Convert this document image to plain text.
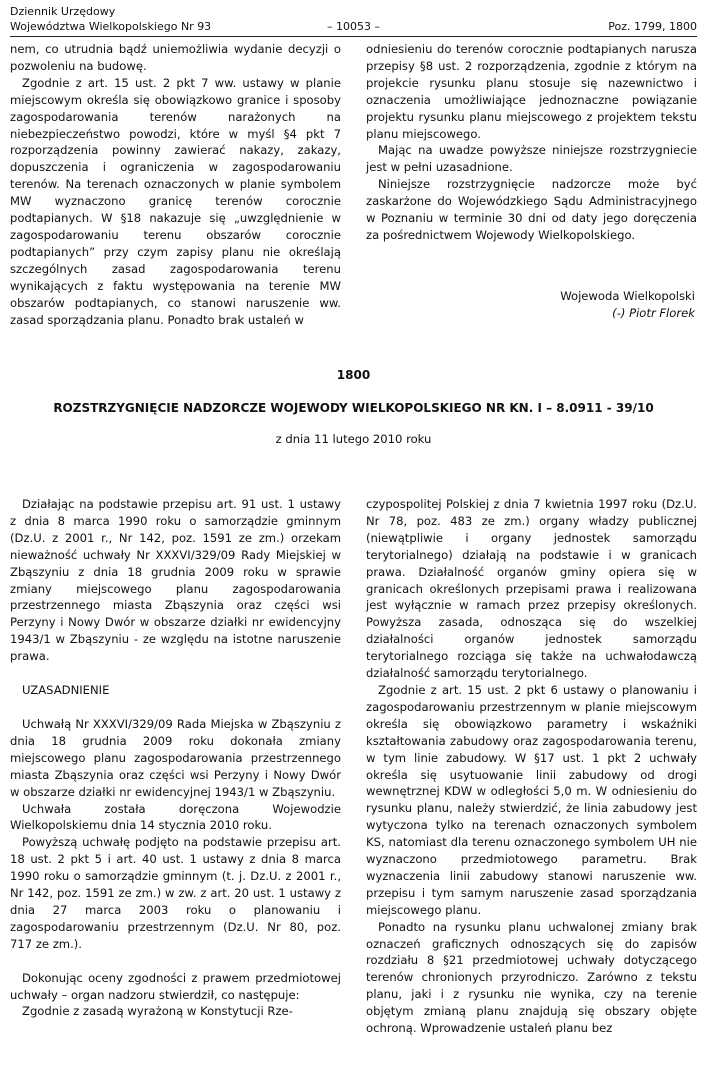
Dziennik Urzędowy
Województwa Wielkopolskiego Nr 93	– 10053 –	Poz. 1799, 1800

nem, co utrudnia bądź uniemożliwia wydanie decyzji o pozwoleniu na budowę.

Zgodnie z art. 15 ust. 2 pkt 7 ww. ustawy w planie miejscowym określa się obowiązkowo granice i sposoby zagospodarowania terenów narażonych na niebezpieczeństwo powodzi, które w myśl §4 pkt 7 rozporządzenia powinny zawierać nakazy, zakazy, dopuszczenia i ograniczenia w zagospodarowaniu terenów. Na terenach oznaczonych w planie symbolem MW wyznaczono granicę terenów corocznie podtapianych. W §18 nakazuje się „uwzględnienie w zagospodarowaniu terenu obszarów corocznie podtapianych” przy czym zapisy planu nie określają szczególnych zasad zagospodarowania terenu wynikających z faktu występowania na terenie MW obszarów podtapianych, co stanowi naruszenie ww. zasad sporządzania planu. Ponadto brak ustaleń w

odniesieniu do terenów corocznie podtapianych narusza przepisy §8 ust. 2 rozporządzenia, zgodnie z którym na projekcie rysunku planu stosuje się nazewnictwo i oznaczenia umożliwiające jednoznaczne powiązanie projektu rysunku planu miejscowego z projektem tekstu planu miejscowego.

Mając na uwadze powyższe niniejsze rozstrzygniecie jest w pełni uzasadnione.

Niniejsze rozstrzygnięcie nadzorcze może być zaskarżone do Wojewódzkiego Sądu Administracyjnego w Poznaniu w terminie 30 dni od daty jego doręczenia za pośrednictwem Wojewody Wielkopolskiego.

Wojewoda Wielkopolski
(-) Piotr Florek
1800
ROZSTRZYGNIĘCIE NADZORCZE WOJEWODY WIELKOPOLSKIEGO NR KN. I – 8.0911 - 39/10
z dnia 11 lutego 2010 roku

Działając na podstawie przepisu art. 91 ust. 1 ustawy z dnia 8 marca 1990 roku o samorządzie gminnym (Dz.U. z 2001 r., Nr 142, poz. 1591 ze zm.) orzekam nieważność uchwały Nr XXXVI/329/09 Rady Miejskiej w Zbąszyniu z dnia 18 grudnia 2009 roku w sprawie zmiany miejscowego planu zagospodarowania przestrzennego miasta Zbąszynia oraz części wsi Perzyny i Nowy Dwór w obszarze działki nr ewidencyjny 1943/1 w Zbąszyniu - ze względu na istotne naruszenie prawa.

UZASADNIENIE

Uchwałą Nr XXXVI/329/09 Rada Miejska w Zbąszyniu z dnia 18 grudnia 2009 roku dokonała zmiany miejscowego planu zagospodarowania przestrzennego miasta Zbąszynia oraz części wsi Perzyny i Nowy Dwór w obszarze działki nr ewidencyjnej 1943/1 w Zbąszyniu.

Uchwała została doręczona Wojewodzie Wielkopolskiemu dnia 14 stycznia 2010 roku.

Powyższą uchwałę podjęto na podstawie przepisu art. 18 ust. 2 pkt 5 i art. 40 ust. 1 ustawy z dnia 8 marca 1990 roku o samorządzie gminnym (t. j. Dz.U. z 2001 r., Nr 142, poz. 1591 ze zm.) w zw. z art. 20 ust. 1 ustawy z dnia 27 marca 2003 roku o planowaniu i zagospodarowaniu przestrzennym (Dz.U. Nr 80, poz. 717 ze zm.).

Dokonując oceny zgodności z prawem przedmiotowej uchwały – organ nadzoru stwierdził, co następuje:

Zgodnie z zasadą wyrażoną w Konstytucji Rze-

czypospolitej Polskiej z dnia 7 kwietnia 1997 roku (Dz.U. Nr 78, poz. 483 ze zm.) organy władzy publicznej (niewątpliwie i organy jednostek samorządu terytorialnego) działają na podstawie i w granicach prawa. Działalność organów gminy opiera się w granicach określonych przepisami prawa i realizowana jest wyłącznie w ramach przez przepisy określonych. Powyższa zasada, odnosząca się do wszelkiej działalności organów jednostek samorządu terytorialnego rozciąga się także na uchwałodawczą działalność samorządu terytorialnego.

Zgodnie z art. 15 ust. 2 pkt 6 ustawy o planowaniu i zagospodarowaniu przestrzennym w planie miejscowym określa się obowiązkowo parametry i wskaźniki kształtowania zabudowy oraz zagospodarowania terenu, w tym linie zabudowy. W §17 ust. 1 pkt 2 uchwały określa się usytuowanie linii zabudowy od drogi wewnętrznej KDW w odległości 5,0 m. W odniesieniu do rysunku planu, należy stwierdzić, że linia zabudowy jest wytyczona tylko na terenach oznaczonych symbolem KS, natomiast dla terenu oznaczonego symbolem UH nie wyznaczono przedmiotowego parametru. Brak wyznaczenia linii zabudowy stanowi naruszenie ww. przepisu i tym samym naruszenie zasad sporządzania miejscowego planu.

Ponadto na rysunku planu uchwalonej zmiany brak oznaczeń graficznych odnoszących się do zapisów rozdziału 8 §21 przedmiotowej uchwały dotyczącego terenów chronionych przyrodniczo. Zarówno z tekstu planu, jaki i z rysunku nie wynika, czy na terenie objętym zmianą planu znajdują się obszary objęte ochroną. Wprowadzenie ustaleń planu bez
